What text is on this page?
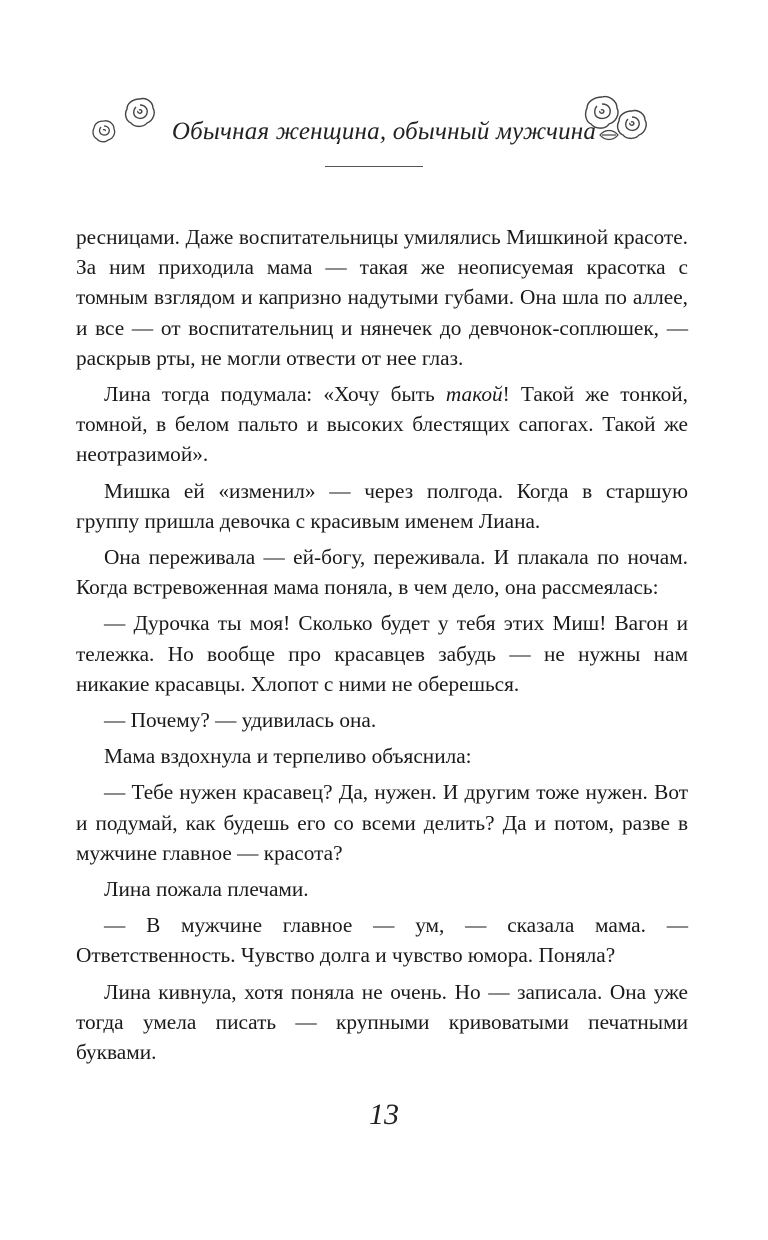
Обычная женщина, обычный мужчина

ресницами. Даже воспитательницы умилялись Мишкиной красоте. За ним приходила мама — такая же неописуемая красотка с томным взглядом и капризно надутыми губами. Она шла по аллее, и все — от воспитательниц и нянечек до девчонок-соплюшек, — раскрыв рты, не могли отвести от нее глаз.

Лина тогда подумала: «Хочу быть такой! Такой же тонкой, томной, в белом пальто и высоких блестящих сапогах. Такой же неотразимой».

Мишка ей «изменил» — через полгода. Когда в старшую группу пришла девочка с красивым именем Лиана.

Она переживала — ей-богу, переживала. И плакала по ночам. Когда встревоженная мама поняла, в чем дело, она рассмеялась:

— Дурочка ты моя! Сколько будет у тебя этих Миш! Вагон и тележка. Но вообще про красавцев забудь — не нужны нам никакие красавцы. Хлопот с ними не оберешься.

— Почему? — удивилась она.

Мама вздохнула и терпеливо объяснила:

— Тебе нужен красавец? Да, нужен. И другим тоже нужен. Вот и подумай, как будешь его со всеми делить? Да и потом, разве в мужчине главное — красота?

Лина пожала плечами.

— В мужчине главное — ум, — сказала мама. — Ответственность. Чувство долга и чувство юмора. Поняла?

Лина кивнула, хотя поняла не очень. Но — записала. Она уже тогда умела писать — крупными кривоватыми печатными буквами.

13
